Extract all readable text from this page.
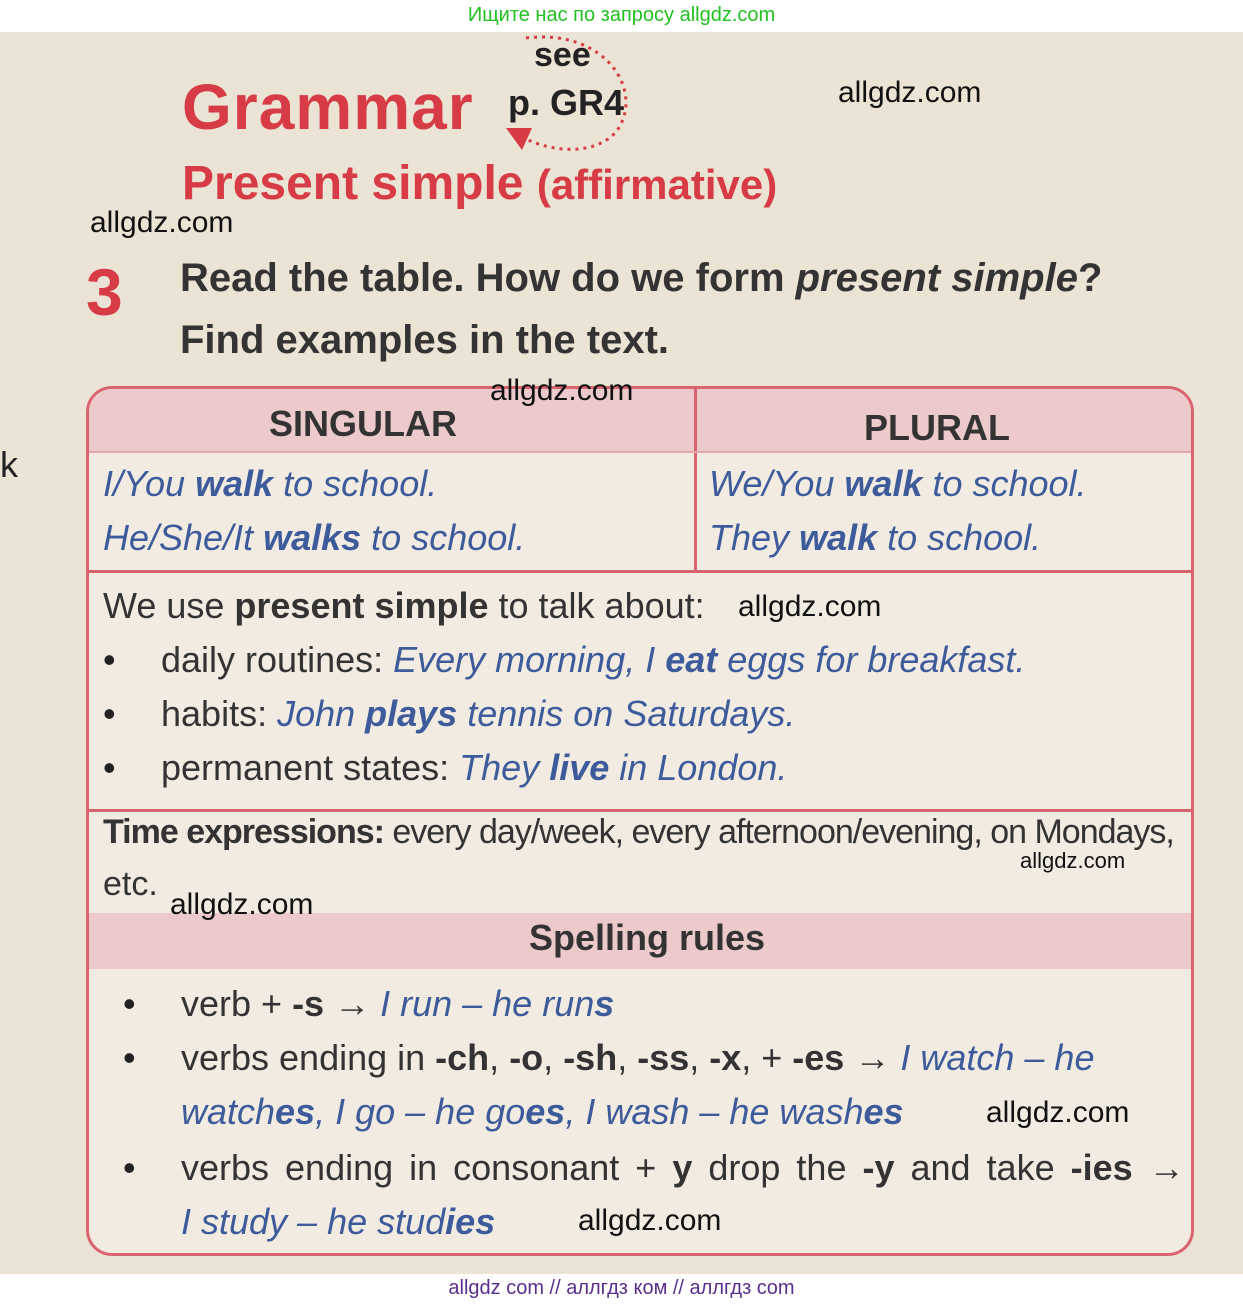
Ищите нас по запросу allgdz.com
Grammar
see
p. GR4
Present simple (affirmative)
allgdz.com
allgdz.com
3 Read the table. How do we form present simple?
Find examples in the text.
k
SINGULAR	PLURAL
I/You walk to school.
He/She/It walks to school.
We/You walk to school.
They walk to school.
We use present simple to talk about:
• daily routines: Every morning, I eat eggs for breakfast.
• habits: John plays tennis on Saturdays.
• permanent states: They live in London.
Time expressions: every day/week, every afternoon/evening, on Mondays,
etc.
Spelling rules
• verb + -s → I run – he runs
• verbs ending in -ch, -o, -sh, -ss, -x, + -es → I watch – he
watches, I go – he goes, I wash – he washes
• verbs ending in consonant + y drop the -y and take -ies →
I study – he studies
allgdz.com
allgdz.com
allgdz.com
allgdz.com
allgdz.com
allgdz.com
allgdz com // аллгдз ком // аллгдз com
